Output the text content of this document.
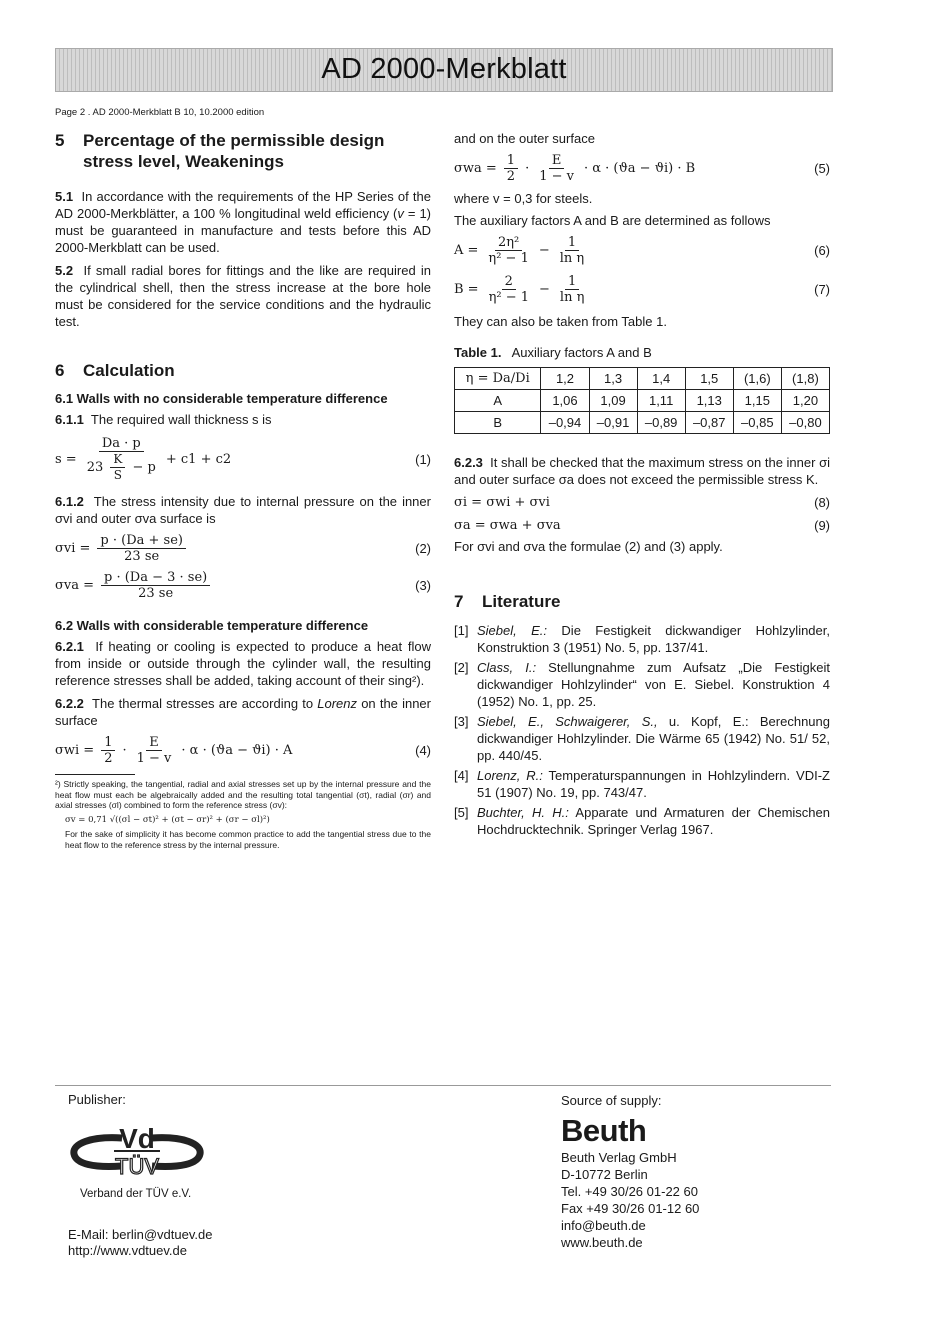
AD 2000-Merkblatt
Page 2 . AD 2000-Merkblatt B 10, 10.2000 edition
5	Percentage of the permissible design stress level, Weakenings

5.1 In accordance with the requirements of the HP Series of the AD 2000-Merkblätter, a 100 % longitudinal weld efficiency (v = 1) must be guaranteed in manufacture and tests before this AD 2000-Merkblatt can be used.

5.2 If small radial bores for fittings and the like are required in the cylindrical shell, then the stress increase at the bore hole must be considered for the service conditions and the hydraulic test.

6	Calculation
6.1 Walls with no considerable temperature difference

6.1.1 The required wall thickness s is

$s = \frac{Da \cdot p}{23 \frac{K}{S} - p} + c1 + c2$	(1)

6.1.2 The stress intensity due to internal pressure on the inner σvi and outer σva surface is

$\sigma vi = \frac{p \cdot (Da + se)}{23 se}$	(2)
$\sigma va = \frac{p \cdot (Da - 3 \cdot se)}{23 se}$	(3)
6.2 Walls with considerable temperature difference

6.2.1 If heating or cooling is expected to produce a heat flow from inside or outside through the cylinder wall, the resulting reference stresses shall be added, taking account of their sing²).

6.2.2 The thermal stresses are according to Lorenz on the inner surface

$\sigma wi = \frac{1}{2} \cdot \frac{E}{1 - v} \cdot \alpha \cdot (ϑa - ϑi) \cdot A$	(4)

²) Strictly speaking, the tangential, radial and axial stresses set up by the internal pressure and the heat flow must each be algebraically added and the resulting total tangential (σt), radial (σr) and axial stresses (σl) combined to form the reference stress (σv):

σv = 0,71 √((σl − σt)² + (σt − σr)² + (σr − σl)²)

For the sake of simplicity it has become common practice to add the tangential stress due to the heat flow to the reference stress by the internal pressure.

and on the outer surface

$\sigma wa = \frac{1}{2} \cdot \frac{E}{1 - v} \cdot \alpha \cdot (ϑa - ϑi) \cdot B$	(5)

where v = 0,3 for steels.

The auxiliary factors A and B are determined as follows

$A = \frac{\text{2η²}}{\text{η² − 1}} - \frac{1}{\text{ln η}}$	(6)
$B = \frac{2}{\text{η² − 1}} - \frac{1}{\text{ln η}}$	(7)

They can also be taken from Table 1.

Table 1. Auxiliary factors A and B

η = Da/Di	1,2	1,3	1,4	1,5	(1,6)	(1,8)
A	1,06	1,09	1,11	1,13	1,15	1,20
B	–0,94	–0,91	–0,89	–0,87	–0,85	–0,80

6.2.3 It shall be checked that the maximum stress on the inner σi and outer surface σa does not exceed the permissible stress K.

σi = σwi + σvi	(8)
σa = σwa + σva	(9)

For σvi and σva the formulae (2) and (3) apply.

7	Literature
[1] Siebel, E.: Die Festigkeit dickwandiger Hohlzylinder, Konstruktion 3 (1951) No. 5, pp. 137/41.
[2] Class, I.: Stellungnahme zum Aufsatz „Die Festigkeit dickwandiger Hohlzylinder“ von E. Siebel. Konstruktion 4 (1952) No. 1, pp. 25.
[3] Siebel, E., Schwaigerer, S., u. Kopf, E.: Berechnung dickwandiger Hohlzylinder. Die Wärme 65 (1942) No. 51/ 52, pp. 440/45.
[4] Lorenz, R.: Temperaturspannungen in Hohlzylindern. VDI-Z 51 (1907) No. 19, pp. 743/47.
[5] Buchter, H. H.: Apparate und Armaturen der Chemischen Hochdrucktechnik. Springer Verlag 1967.
Publisher:
Vd
TÜV
Verband der TÜV e.V.
E-Mail: berlin@vdtuev.de
http://www.vdtuev.de
Source of supply:
Beuth
Beuth Verlag GmbH
D-10772 Berlin
Tel. +49 30/26 01-22 60
Fax +49 30/26 01-12 60
info@beuth.de
www.beuth.de
